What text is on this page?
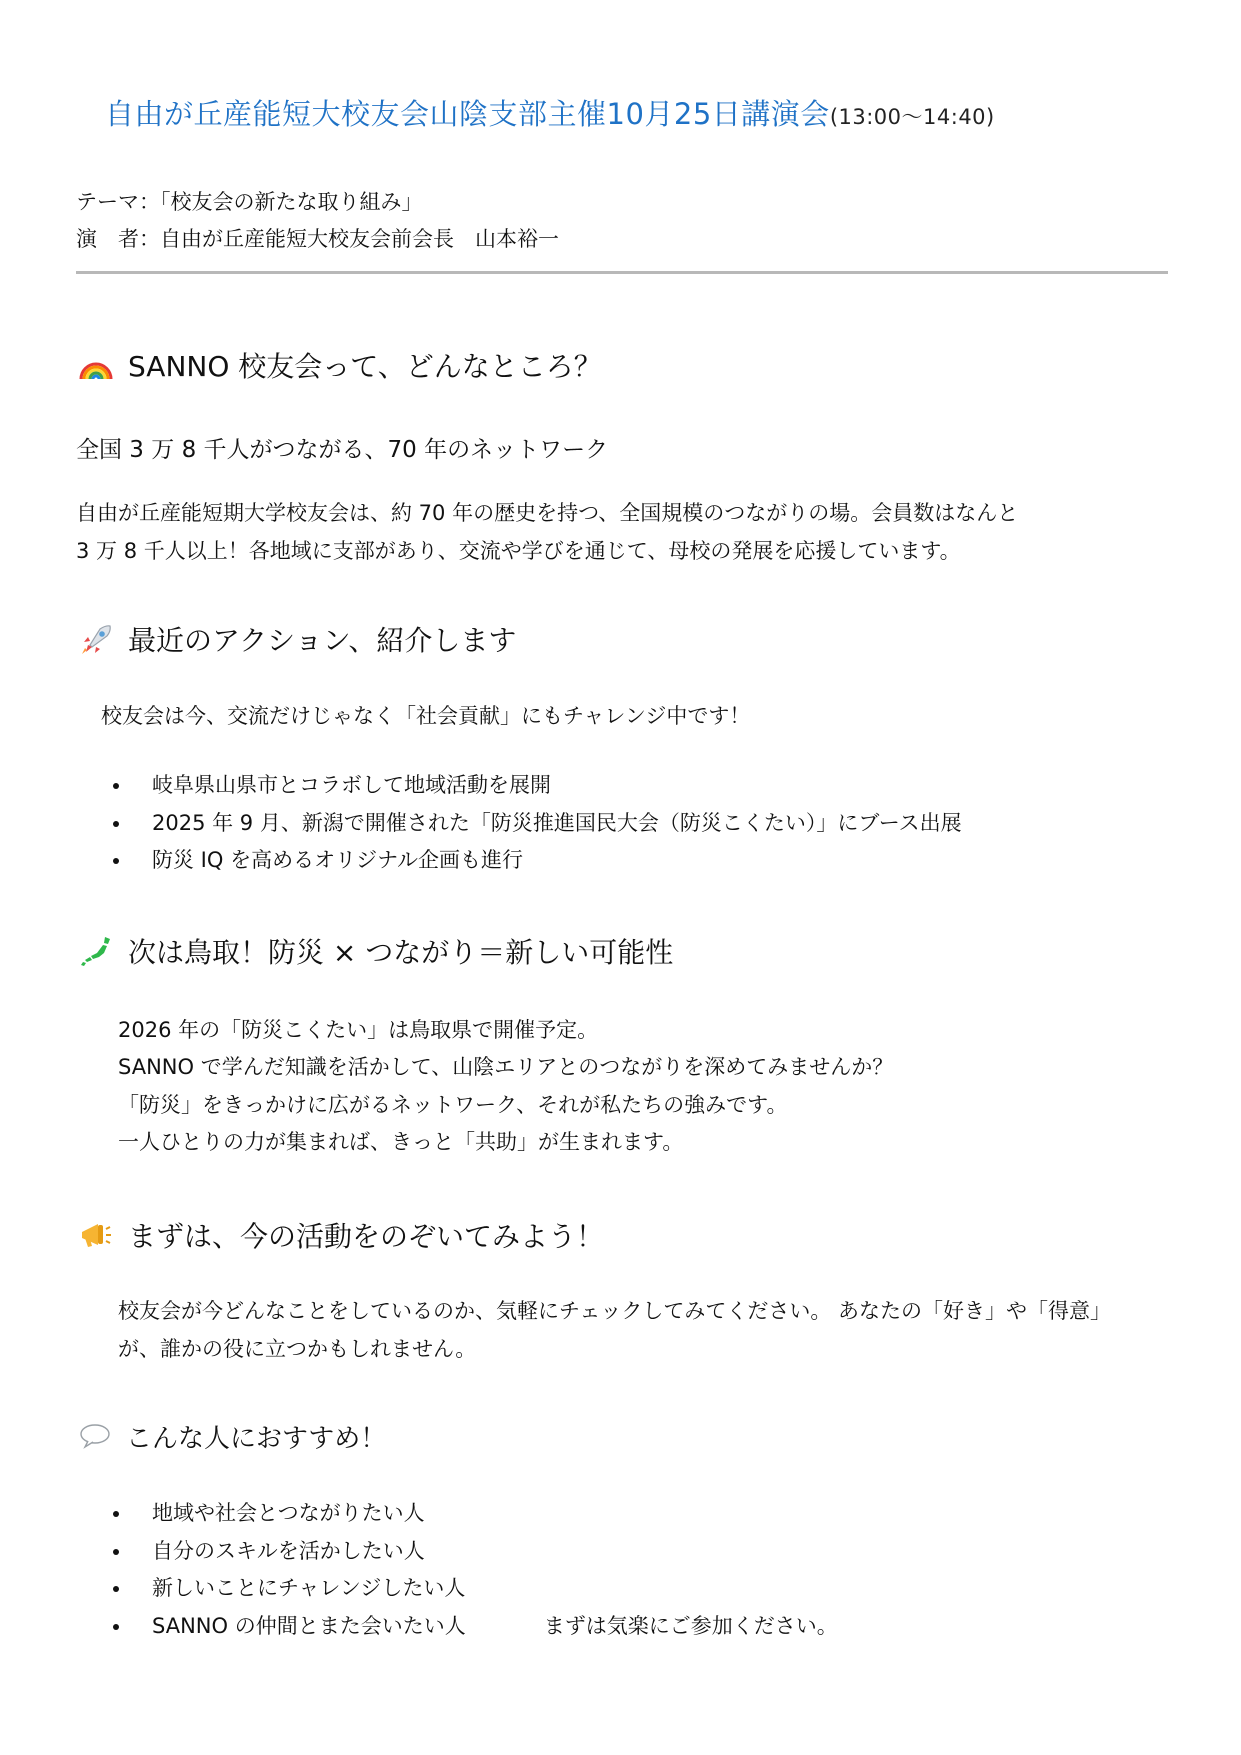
自由が丘産能短大校友会山陰支部主催10月25日講演会(13:00〜14:40)
テーマ：「校友会の新たな取り組み」
演　者：自由が丘産能短大校友会前会長　山本裕一
SANNO 校友会って、どんなところ？
全国 3 万 8 千人がつながる、70 年のネットワーク
自由が丘産能短期大学校友会は、約 70 年の歴史を持つ、全国規模のつながりの場。会員数はなんと
3 万 8 千人以上！各地域に支部があり、交流や学びを通じて、母校の発展を応援しています。
最近のアクション、紹介します
校友会は今、交流だけじゃなく「社会貢献」にもチャレンジ中です！
岐阜県山県市とコラボして地域活動を展開
2025 年 9 月、新潟で開催された「防災推進国民大会（防災こくたい）」にブース出展
防災 IQ を高めるオリジナル企画も進行
次は鳥取！防災 × つながり＝新しい可能性
2026 年の「防災こくたい」は鳥取県で開催予定。
SANNO で学んだ知識を活かして、山陰エリアとのつながりを深めてみませんか？
「防災」をきっかけに広がるネットワーク、それが私たちの強みです。
一人ひとりの力が集まれば、きっと「共助」が生まれます。
まずは、今の活動をのぞいてみよう！
校友会が今どんなことをしているのか、気軽にチェックしてみてください。 あなたの「好き」や「得意」
が、誰かの役に立つかもしれません。
こんな人におすすめ！
地域や社会とつながりたい人
自分のスキルを活かしたい人
新しいことにチャレンジしたい人
SANNO の仲間とまた会いたい人	まずは気楽にご参加ください。
